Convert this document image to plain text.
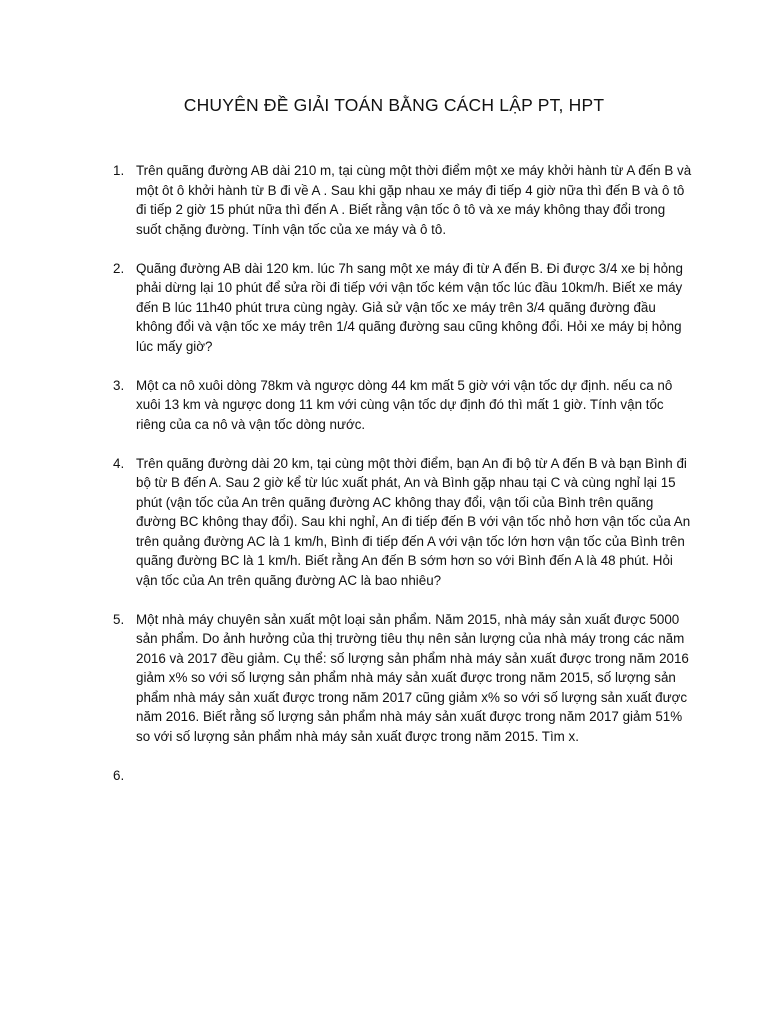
CHUYÊN ĐỀ GIẢI TOÁN BẰNG CÁCH LẬP PT, HPT
1. Trên quãng đường AB dài 210 m, tại cùng một thời điểm một xe máy khởi hành từ A đến B và một ôt ô khởi hành từ B đi về A . Sau khi gặp nhau xe máy đi tiếp 4 giờ nữa thì đến B và ô tô đi tiếp 2 giờ 15 phút nữa thì đến A . Biết rằng vận tốc ô tô và xe máy không thay đổi trong suốt chặng đường. Tính vận tốc của xe máy và ô tô.
2. Quãng đường AB dài 120 km. lúc 7h sang một xe máy đi từ A đến B. Đi được 3/4 xe bị hỏng phải dừng lại 10 phút để sửa rồi đi tiếp với vận tốc kém vận tốc lúc đầu 10km/h. Biết xe máy đến B lúc 11h40 phút trưa cùng ngày. Giả sử vận tốc xe máy trên 3/4 quãng đường đầu không đổi và vận tốc xe máy trên 1/4 quãng đường sau cũng không đổi. Hỏi xe máy bị hỏng lúc mấy giờ?
3. Một ca nô xuôi dòng 78km và ngược dòng 44 km mất 5 giờ với vận tốc dự định. nếu ca nô xuôi 13 km và ngược dong 11 km với cùng vận tốc dự định đó thì mất 1 giờ. Tính vận tốc riêng của ca nô và vận tốc dòng nước.
4. Trên quãng đường dài 20 km, tại cùng một thời điểm, bạn An đi bộ từ A đến B và bạn Bình đi bộ từ B đến A. Sau 2 giờ kể từ lúc xuất phát, An và Bình gặp nhau tại C và cùng nghỉ lại 15 phút (vận tốc của An trên quãng đường AC không thay đổi, vận tối của Bình trên quãng đường BC không thay đổi). Sau khi nghỉ, An đi tiếp đến B với vận tốc nhỏ hơn vận tốc của An trên quảng đường AC là 1 km/h, Bình đi tiếp đến A với vận tốc lớn hơn vận tốc của Bình trên quãng đường BC là 1 km/h. Biết rằng An đến B sớm hơn so với Bình đến A là 48 phút. Hỏi vận tốc của An trên quãng đường AC là bao nhiêu?
5. Một nhà máy chuyên sản xuất một loại sản phẩm. Năm 2015, nhà máy sản xuất được 5000 sản phẩm. Do ảnh hưởng của thị trường tiêu thụ nên sản lượng của nhà máy trong các năm 2016 và 2017 đều giảm. Cụ thể: số lượng sản phẩm nhà máy sản xuất được trong năm 2016 giảm x% so với số lượng sản phẩm nhà máy sản xuất được trong năm 2015, số lượng sản phẩm nhà máy sản xuất được trong năm 2017 cũng giảm x% so với số lượng sản xuất được năm 2016. Biết rằng số lượng sản phẩm nhà máy sản xuất được trong năm 2017 giảm 51% so với số lượng sản phẩm nhà máy sản xuất được trong năm 2015. Tìm x.
6.
